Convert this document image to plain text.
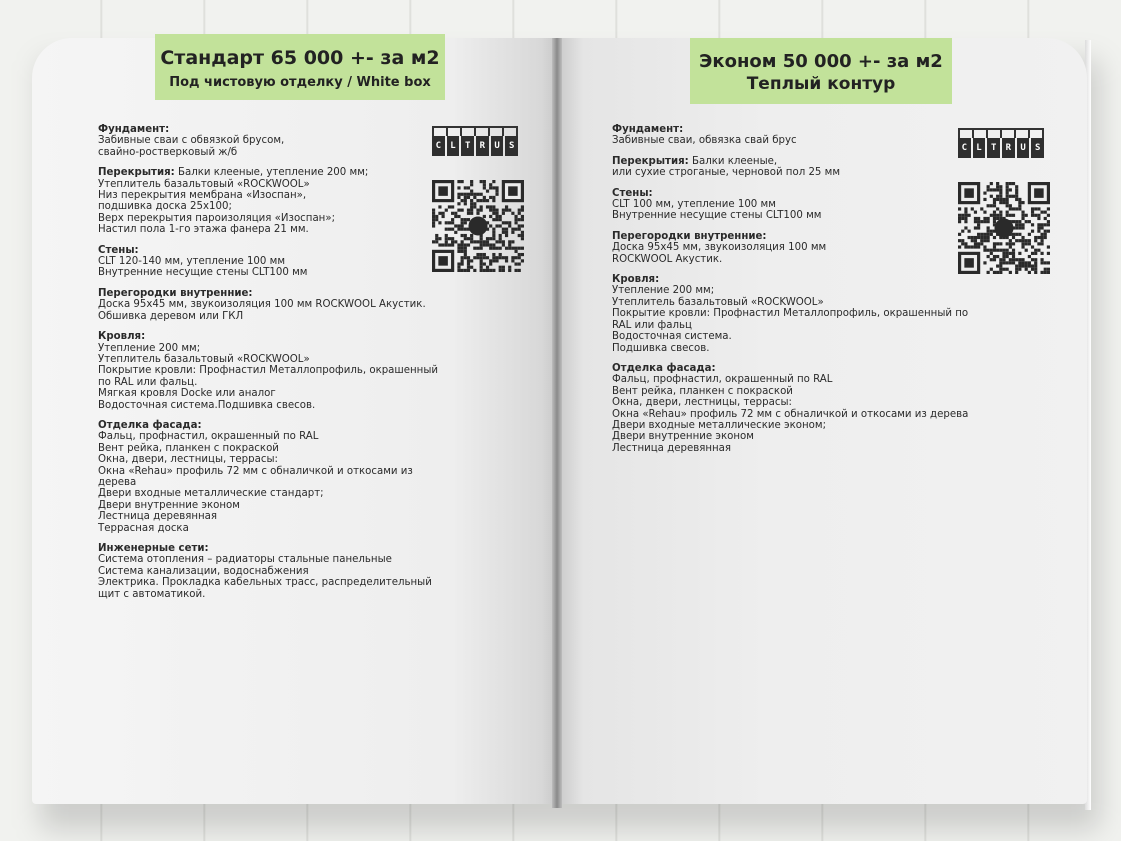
Стандарт 65 000 +- за м2
Под чистовую отделку / White box
Эконом 50 000 +- за м2
Теплый контур

Фундамент:

Забивные сваи с обвязкой брусом,

свайно-ростверковый ж/б

Перекрытия: Балки клееные, утепление 200 мм;

Утеплитель базальтовый «ROCKWOOL»

Низ перекрытия мембрана «Изоспан»,

подшивка доска 25х100;

Верх перекрытия пароизоляция «Изоспан»;

Настил пола 1-го этажа фанера 21 мм.

Стены:

CLT 120-140 мм, утепление 100 мм

Внутренние несущие стены CLT100 мм

Перегородки внутренние:

Доска 95х45 мм, звукоизоляция 100 мм ROCKWOOL Акустик.

Обшивка деревом или ГКЛ

Кровля:

Утепление 200 мм;

Утеплитель базальтовый «ROCKWOOL»

Покрытие кровли: Профнастил Металлопрофиль, окрашенный

по RAL или фальц.

Мягкая кровля Docke или аналог

Водосточная система.Подшивка свесов.

Отделка фасада:

Фальц, профнастил, окрашенный по RAL

Вент рейка, планкен с покраской

Окна, двери, лестницы, террасы:

Окна «Rehau» профиль 72 мм с обналичкой и откосами из

дерева

Двери входные металлические стандарт;

Двери внутренние эконом

Лестница деревянная

Террасная доска

Инженерные сети:

Система отопления – радиаторы стальные панельные

Система канализации, водоснабжения

Электрика. Прокладка кабельных трасс, распределительный

щит с автоматикой.

Фундамент:

Забивные сваи, обвязка свай брус

Перекрытия: Балки клееные,

или сухие строганые, черновой пол 25 мм

Стены:

CLT 100 мм, утепление 100 мм

Внутренние несущие стены CLT100 мм

Перегородки внутренние:

Доска 95х45 мм, звукоизоляция 100 мм

ROCKWOOL Акустик.

Кровля:

Утепление 200 мм;

Утеплитель базальтовый «ROCKWOOL»

Покрытие кровли: Профнастил Металлопрофиль, окрашенный по

RAL или фальц

Водосточная система.

Подшивка свесов.

Отделка фасада:

Фальц, профнастил, окрашенный по RAL

Вент рейка, планкен с покраской

Окна, двери, лестницы, террасы:

Окна «Rehau» профиль 72 мм с обналичкой и откосами из дерева

Двери входные металлические эконом;

Двери внутренние эконом

Лестница деревянная

C	L	T	R	U	S	C	L	T	R	U	S
